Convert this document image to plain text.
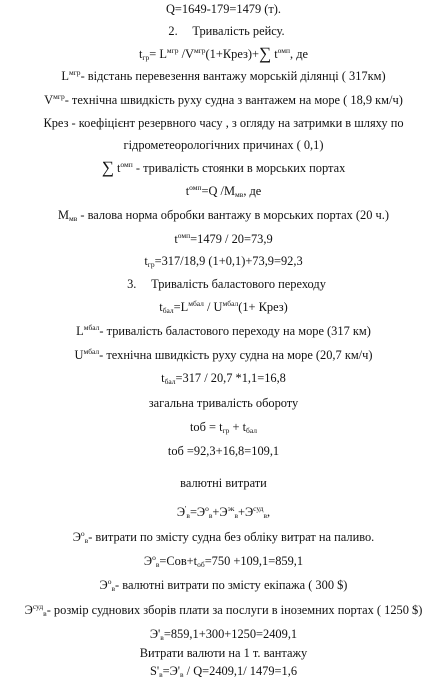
Q=1649-179=1479 (т).
2. Тривалість рейсу.
$t_{гр}= L^{мгр}$ $/V^{мгр}(1+Крез)+\sum$ $t^{омп}$, де
$L^{мгр}-$ відстань перевезення вантажу морській ділянці ( 317км)
$V^{мгр}-$ технічна швидкість руху судна з вантажем на море ( 18,9 км/ч)
Крез - коефіцієнт резервного часу , з огляду на затримки в шляху по
гідрометеорологічних причинах ( 0,1)
∑ $t^{омп}$ - тривалість стоянки в морських портах
$t^{омп}=Q$ $/M_{мв}$, де
$М_{мв}$ - валова норма обробки вантажу в морських портах (20 ч.)
$t^{омп}=1479 / 20=73,9$
$t_{гр}=317/18,9$ (1+0,1)+73,9=92,3
3. Тривалість баластового переходу
$t_{бал}=L^{мбал} / U^{мбал}(1+$ Крез)
$L^{мбал}-$ тривалість баластового переходу на море (317 км)
$U^{мбал}-$ технічна швидкість руху судна на море (20,7 км/ч)
$t_{бал}=317 / 20,7$ *1,1=16,8
загальна тривалість обороту
tоб = $t_{гр} + t_{бал}$
tоб =92,3+16,8=109,1
валютні витрати
$Э'_в=Э^о_в+Э^{эк}_в+Э^{суд}_в$,
$Э^о_в-$ витрати по змісту судна без обліку витрат на паливо.
$Э^о_в=Сов+t_{об}=750 +109,1=859,1$
$Э^о_в-$ валютні витрати по змісту екіпажа ( 300 $)
$Э^{суд}_в-$ розмір суднових зборів плати за послуги в іноземних портах ( 1250 $)
$Э'_в=859,1+300+1250=2409,1$
Витрати валюти на 1 т. вантажу
$S'_в=Э'_в / Q=2409,1/$ 1479=1,6
